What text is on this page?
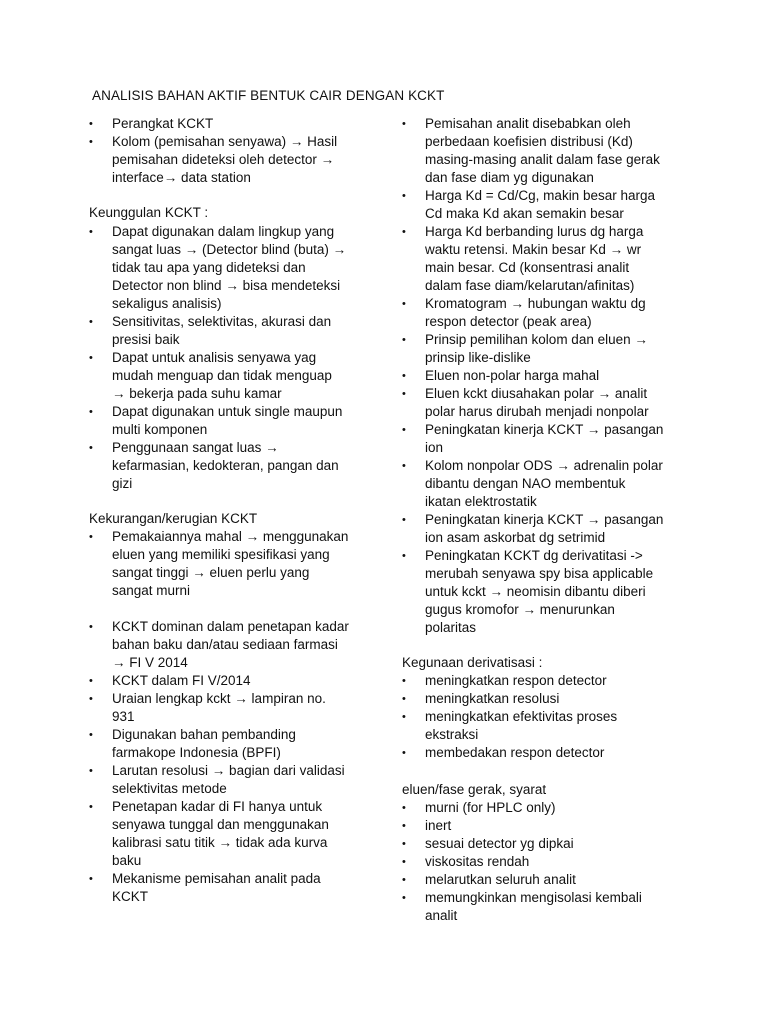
ANALISIS BAHAN AKTIF BENTUK CAIR DENGAN KCKT
• Perangkat KCKT
• Kolom (pemisahan senyawa) → Hasil
pemisahan dideteksi oleh detector →
interface→ data station
Keunggulan KCKT :
• Dapat digunakan dalam lingkup yang
sangat luas → (Detector blind (buta) →
tidak tau apa yang dideteksi dan
Detector non blind → bisa mendeteksi
sekaligus analisis)
• Sensitivitas, selektivitas, akurasi dan
presisi baik
• Dapat untuk analisis senyawa yag
mudah menguap dan tidak menguap
→ bekerja pada suhu kamar
• Dapat digunakan untuk single maupun
multi komponen
• Penggunaan sangat luas →
kefarmasian, kedokteran, pangan dan
gizi
Kekurangan/kerugian KCKT
• Pemakaiannya mahal → menggunakan
eluen yang memiliki spesifikasi yang
sangat tinggi → eluen perlu yang
sangat murni
• KCKT dominan dalam penetapan kadar
bahan baku dan/atau sediaan farmasi
→ FI V 2014
• KCKT dalam FI V/2014
• Uraian lengkap kckt → lampiran no.
931
• Digunakan bahan pembanding
farmakope Indonesia (BPFI)
• Larutan resolusi → bagian dari validasi
selektivitas metode
• Penetapan kadar di FI hanya untuk
senyawa tunggal dan menggunakan
kalibrasi satu titik → tidak ada kurva
baku
• Mekanisme pemisahan analit pada
KCKT
• Pemisahan analit disebabkan oleh
perbedaan koefisien distribusi (Kd)
masing-masing analit dalam fase gerak
dan fase diam yg digunakan
• Harga Kd = Cd/Cg, makin besar harga
Cd maka Kd akan semakin besar
• Harga Kd berbanding lurus dg harga
waktu retensi. Makin besar Kd → wr
main besar. Cd (konsentrasi analit
dalam fase diam/kelarutan/afinitas)
• Kromatogram → hubungan waktu dg
respon detector (peak area)
• Prinsip pemilihan kolom dan eluen →
prinsip like-dislike
• Eluen non-polar harga mahal
• Eluen kckt diusahakan polar → analit
polar harus dirubah menjadi nonpolar
• Peningkatan kinerja KCKT → pasangan
ion
• Kolom nonpolar ODS → adrenalin polar
dibantu dengan NAO membentuk
ikatan elektrostatik
• Peningkatan kinerja KCKT → pasangan
ion asam askorbat dg setrimid
• Peningkatan KCKT dg derivatitasi ->
merubah senyawa spy bisa applicable
untuk kckt → neomisin dibantu diberi
gugus kromofor → menurunkan
polaritas
Kegunaan derivatisasi :
• meningkatkan respon detector
• meningkatkan resolusi
• meningkatkan efektivitas proses
ekstraksi
• membedakan respon detector
eluen/fase gerak, syarat
• murni (for HPLC only)
• inert
• sesuai detector yg dipkai
• viskositas rendah
• melarutkan seluruh analit
• memungkinkan mengisolasi kembali
analit
